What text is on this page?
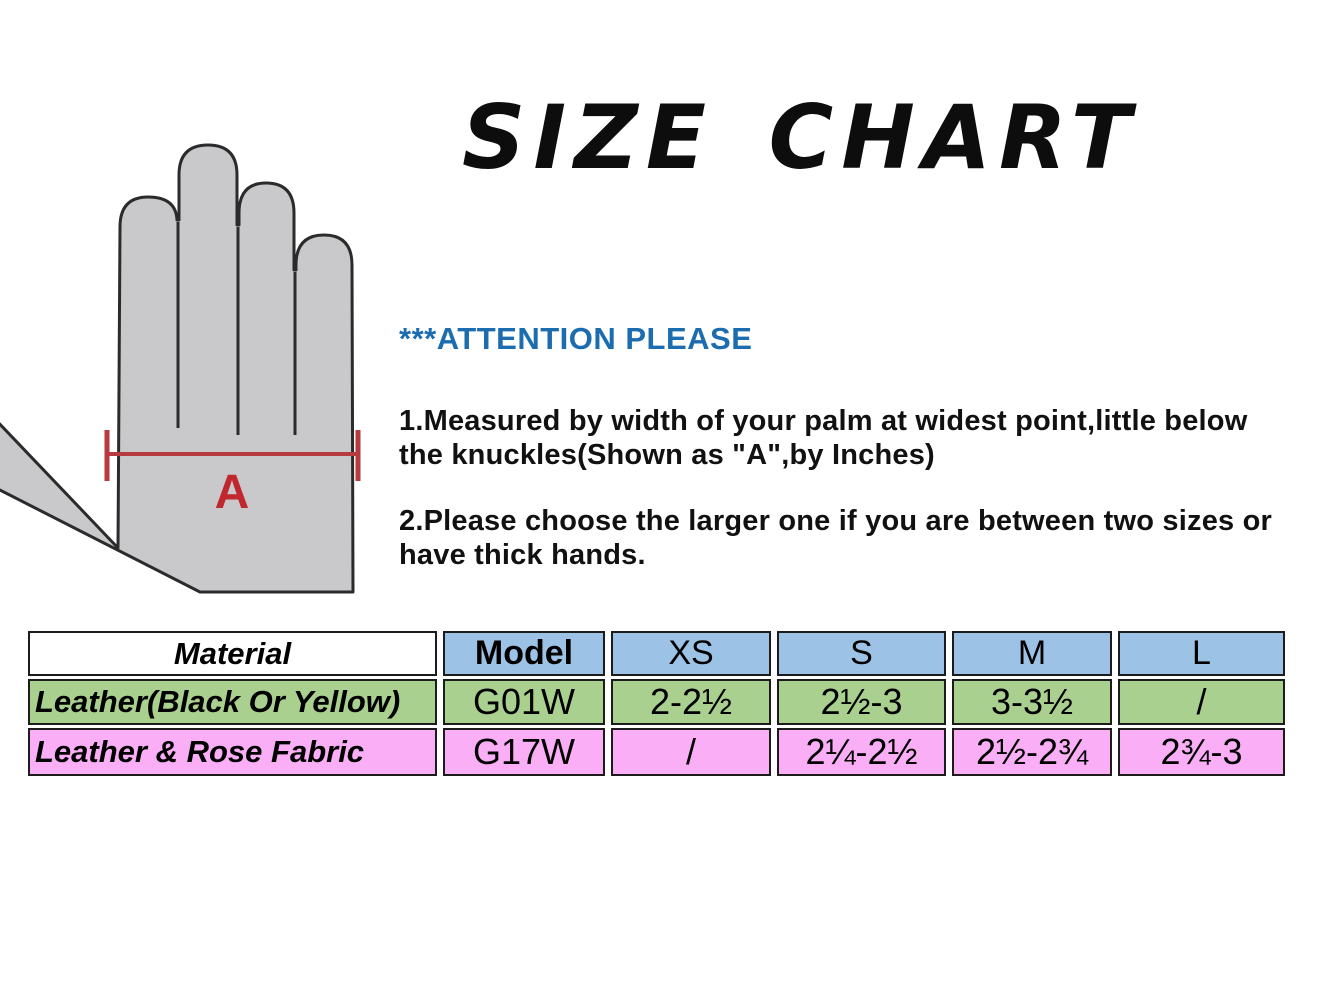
SIZE CHART
A
***ATTENTION PLEASE
1.Measured by width of your palm at widest point,little below
the knuckles(Shown as "A",by Inches)
2.Please choose the larger one if you are between two sizes or
have thick hands.
Material	Model	XS	S	M	L
Leather(Black Or Yellow)	G01W	2-2½	2½-3	3-3½	/
Leather & Rose Fabric	G17W	/	2¼-2½	2½-2¾	2¾-3
